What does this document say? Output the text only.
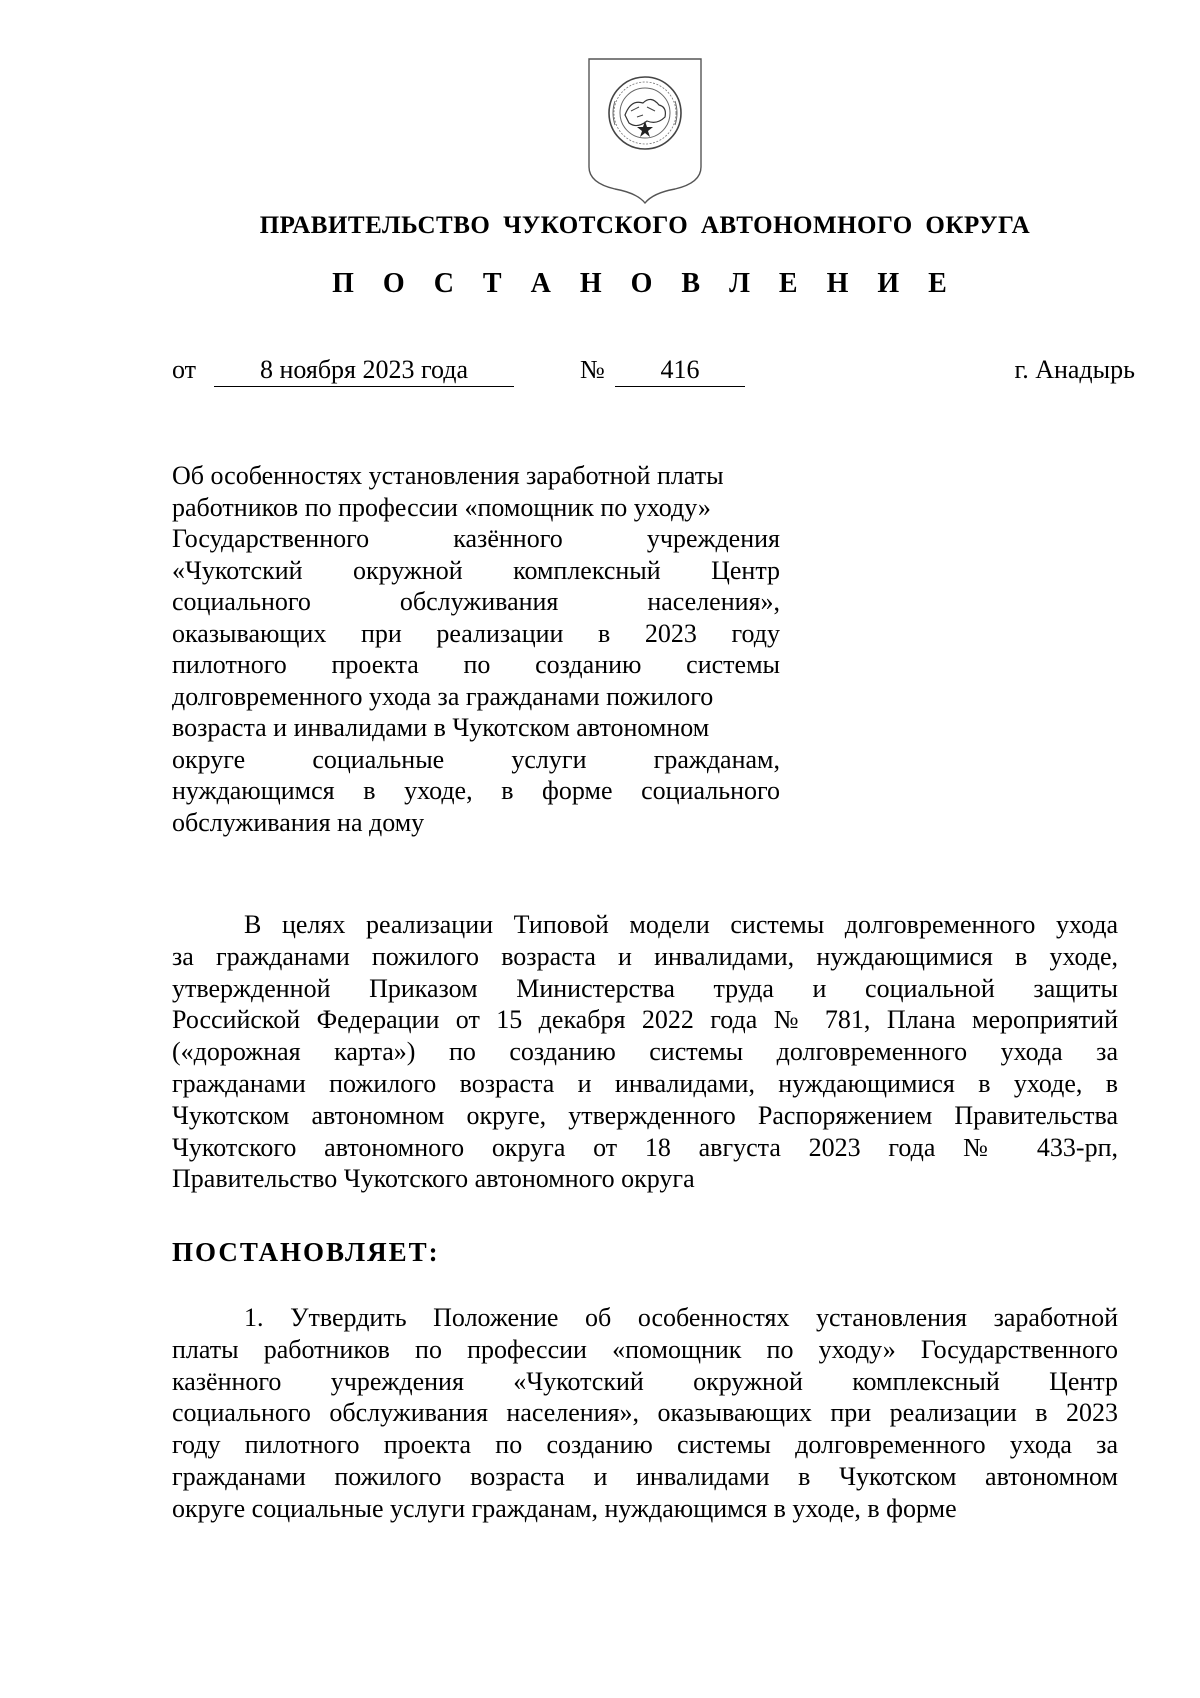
ПРАВИТЕЛЬСТВО ЧУКОТСКОГО АВТОНОМНОГО ОКРУГА
П О С Т А Н О В Л Е Н И Е
от	8 ноября 2023 года	№	416	г. Анадырь
Об особенностях установления заработной платы
работников по профессии «помощник по уходу»
Государственного казённого учреждения
«Чукотский окружной комплексный Центр
социального обслуживания населения»,
оказывающих при реализации в 2023 году
пилотного проекта по созданию системы
долговременного ухода за гражданами пожилого
возраста и инвалидами в Чукотском автономном
округе социальные услуги гражданам,
нуждающимся в уходе, в форме социального
обслуживания на дому
В целях реализации Типовой модели системы долговременного ухода
за гражданами пожилого возраста и инвалидами, нуждающимися в уходе,
утвержденной Приказом Министерства труда и социальной защиты
Российской Федерации от 15 декабря 2022 года № 781, Плана мероприятий
(«дорожная карта») по созданию системы долговременного ухода за
гражданами пожилого возраста и инвалидами, нуждающимися в уходе, в
Чукотском автономном округе, утвержденного Распоряжением Правительства
Чукотского автономного округа от 18 августа 2023 года № 433-рп,
Правительство Чукотского автономного округа
ПОСТАНОВЛЯЕТ:
1. Утвердить Положение об особенностях установления заработной
платы работников по профессии «помощник по уходу» Государственного
казённого учреждения «Чукотский окружной комплексный Центр
социального обслуживания населения», оказывающих при реализации в 2023
году пилотного проекта по созданию системы долговременного ухода за
гражданами пожилого возраста и инвалидами в Чукотском автономном
округе социальные услуги гражданам, нуждающимся в уходе, в форме
